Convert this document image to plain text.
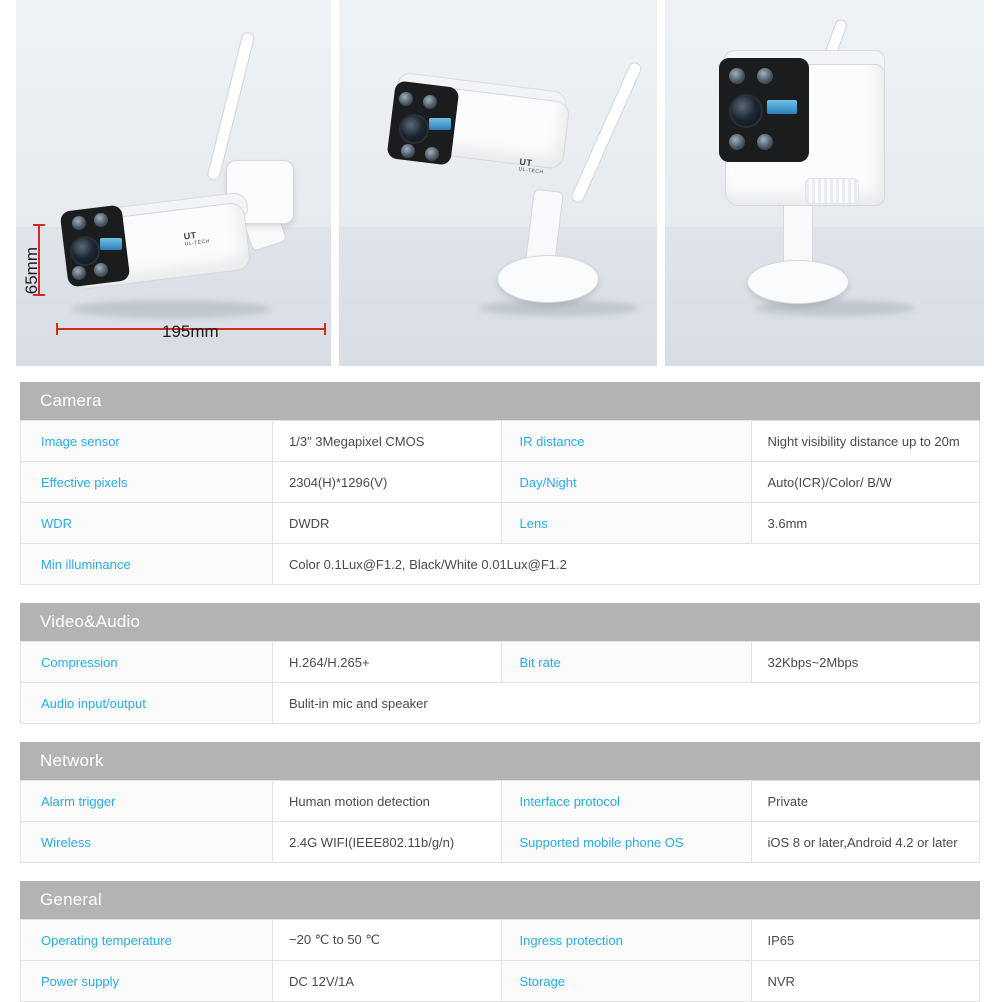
UT
UL-TECH
195mm
65mm
UT
UL-TECH
Camera
Image sensor	1/3" 3Megapixel CMOS	IR distance	Night visibility distance up to 20m
Effective pixels	2304(H)*1296(V)	Day/Night	Auto(ICR)/Color/ B/W
WDR	DWDR	Lens	3.6mm
Min illuminance	Color 0.1Lux@F1.2, Black/White 0.01Lux@F1.2		
Video&Audio
Compression	H.264/H.265+	Bit rate	32Kbps~2Mbps
Audio input/output	Bulit-in mic and speaker		
Network
Alarm trigger	Human motion detection	Interface protocol	Private
Wireless	2.4G WIFI(IEEE802.11b/g/n)	Supported mobile phone OS	iOS 8 or later,Android 4.2 or later
General
Operating temperature	−20 ℃ to 50 ℃	Ingress protection	IP65
Power supply	DC 12V/1A	Storage	NVR
